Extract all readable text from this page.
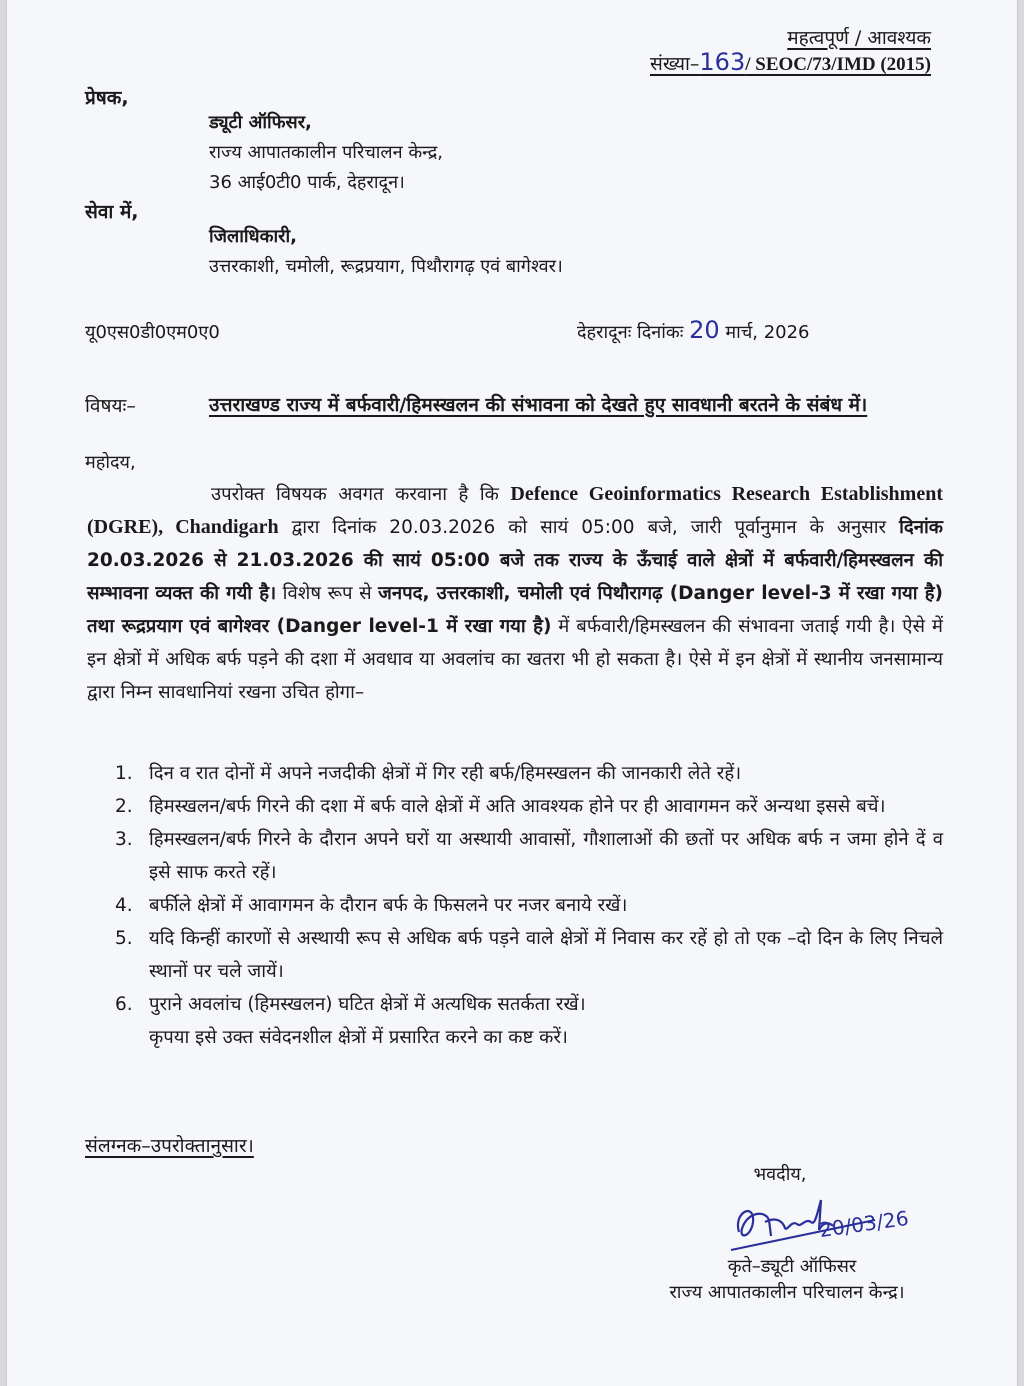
महत्वपूर्ण / आवश्यक
संख्या–163/ SEOC/73/IMD (2015)
प्रेषक,
ड्यूटी ऑफिसर,
राज्य आपातकालीन परिचालन केन्द्र,
36 आई0टी0 पार्क, देहरादून।
सेवा में,
जिलाधिकारी,
उत्तरकाशी, चमोली, रूद्रप्रयाग, पिथौरागढ़ एवं बागेश्वर।
यू0एस0डी0एम0ए0	देहरादूनः दिनांकः 20 मार्च, 2026
विषयः–	उत्तराखण्ड राज्य में बर्फवारी/हिमस्खलन की संभावना को देखते हुए सावधानी बरतने के संबंध में।
महोदय,
उपरोक्त विषयक अवगत करवाना है कि Defence Geoinformatics Research Establishment (DGRE), Chandigarh द्वारा दिनांक 20.03.2026 को सायं 05:00 बजे, जारी पूर्वानुमान के अनुसार दिनांक 20.03.2026 से 21.03.2026 की सायं 05:00 बजे तक राज्य के ऊँचाई वाले क्षेत्रों में बर्फवारी/हिमस्खलन की सम्भावना व्यक्त की गयी है। विशेष रूप से जनपद, उत्तरकाशी, चमोली एवं पिथौरागढ़ (Danger level-3 में रखा गया है) तथा रूद्रप्रयाग एवं बागेश्वर (Danger level-1 में रखा गया है) में बर्फवारी/हिमस्खलन की संभावना जताई गयी है। ऐसे में इन क्षेत्रों में अधिक बर्फ पड़ने की दशा में अवधाव या अवलांच का खतरा भी हो सकता है। ऐसे में इन क्षेत्रों में स्थानीय जनसामान्य द्वारा निम्न सावधानियां रखना उचित होगा–
1. दिन व रात दोनों में अपने नजदीकी क्षेत्रों में गिर रही बर्फ/हिमस्खलन की जानकारी लेते रहें।
2. हिमस्खलन/बर्फ गिरने की दशा में बर्फ वाले क्षेत्रों में अति आवश्यक होने पर ही आवागमन करें अन्यथा इससे बचें।
3. हिमस्खलन/बर्फ गिरने के दौरान अपने घरों या अस्थायी आवासों, गौशालाओं की छतों पर अधिक बर्फ न जमा होने दें व इसे साफ करते रहें।
4. बर्फीले क्षेत्रों में आवागमन के दौरान बर्फ के फिसलने पर नजर बनाये रखें।
5. यदि किन्हीं कारणों से अस्थायी रूप से अधिक बर्फ पड़ने वाले क्षेत्रों में निवास कर रहें हो तो एक –दो दिन के लिए निचले स्थानों पर चले जायें।
6. पुराने अवलांच (हिमस्खलन) घटित क्षेत्रों में अत्यधिक सतर्कता रखें।
कृपया इसे उक्त संवेदनशील क्षेत्रों में प्रसारित करने का कष्ट करें।
संलग्नक–उपरोक्तानुसार।
भवदीय,
20/03/26
कृते–ड्यूटी ऑफिसर
राज्य आपातकालीन परिचालन केन्द्र।
